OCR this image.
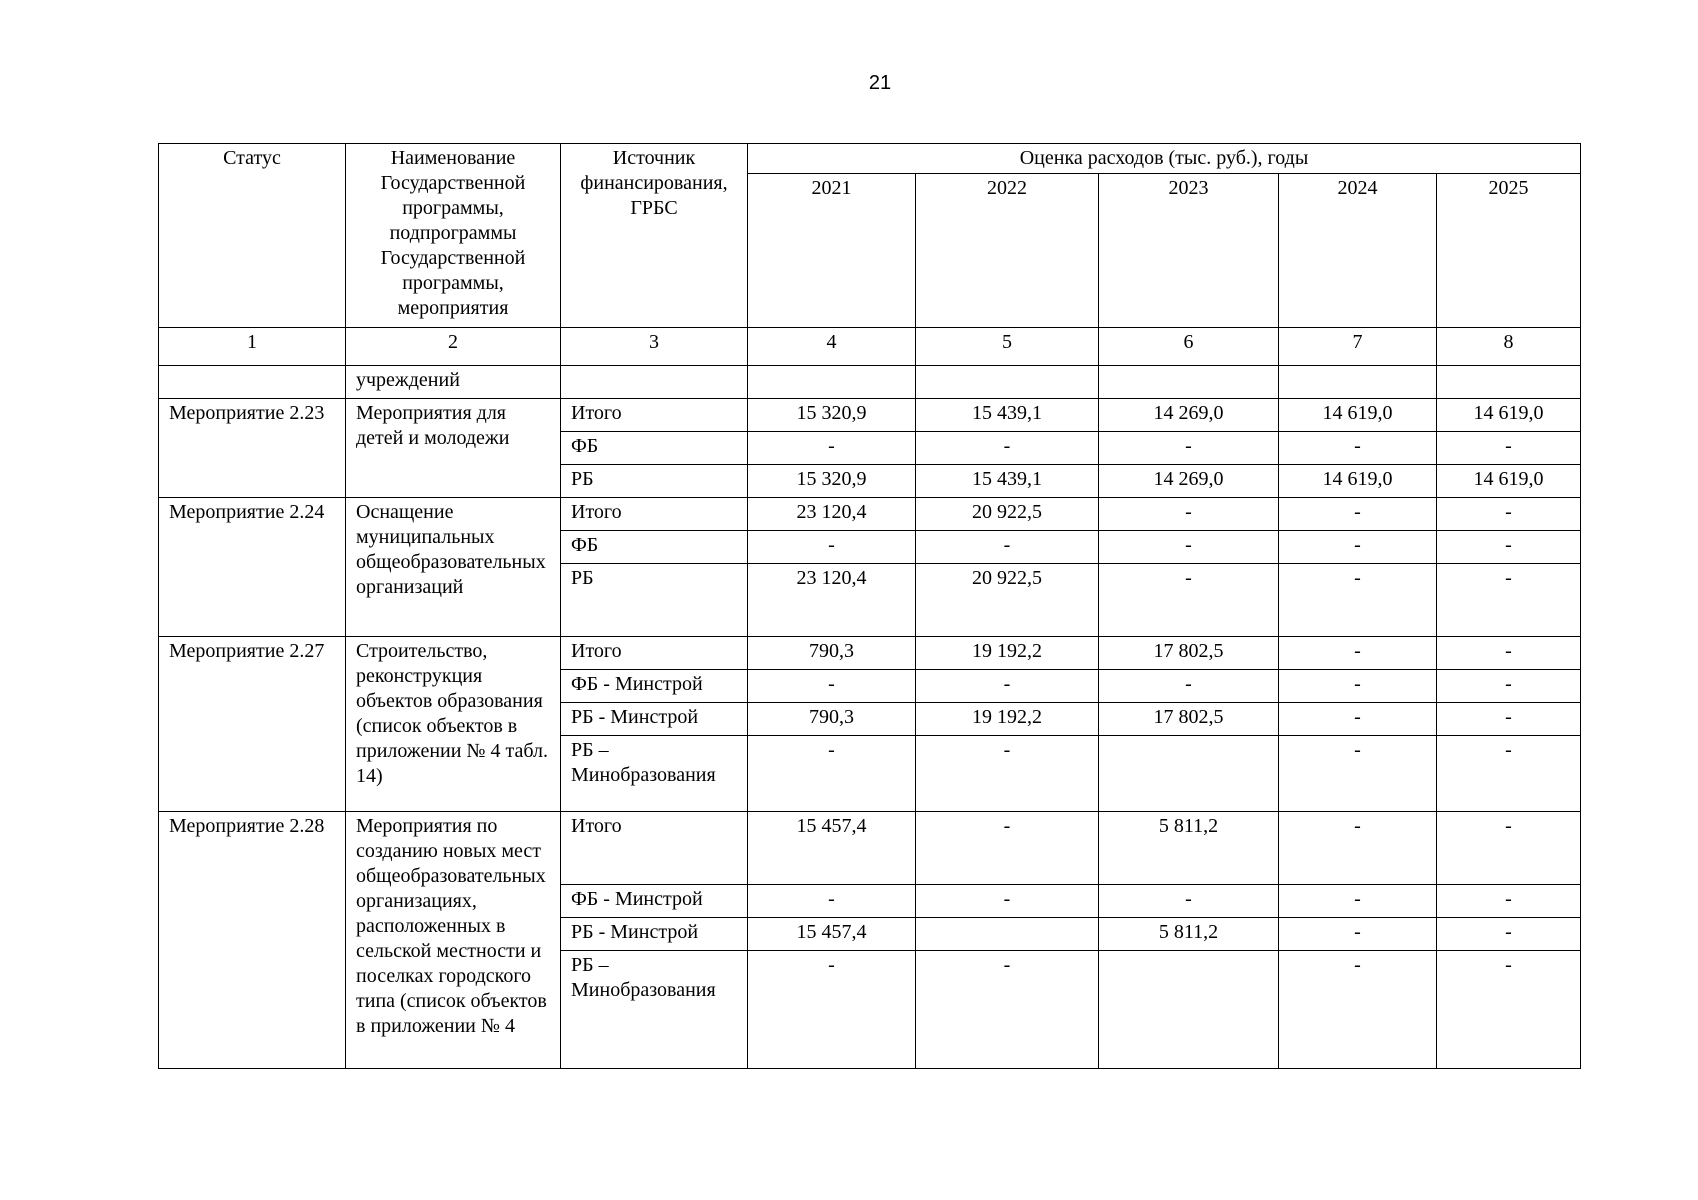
21
Статус	Наименование Государственной программы, подпрограммы Государственной программы, мероприятия	Источник финансирования, ГРБС	Оценка расходов (тыс. руб.), годы				
			2021	2022	2023	2024	2025
1	2	3	4	5	6	7	8
	учреждений						
Мероприятие 2.23	Мероприятия для детей и молодежи	Итого	15 320,9	15 439,1	14 269,0	14 619,0	14 619,0
		ФБ	-	-	-	-	-
		РБ	15 320,9	15 439,1	14 269,0	14 619,0	14 619,0
Мероприятие 2.24	Оснащение муниципальных общеобразовательных организаций	Итого	23 120,4	20 922,5	-	-	-
		ФБ	-	-	-	-	-
		РБ	23 120,4	20 922,5	-	-	-
Мероприятие 2.27	Строительство, реконструкция объектов образования (список объектов в приложении № 4 табл. 14)	Итого	790,3	19 192,2	17 802,5	-	-
		ФБ - Минстрой	-	-	-	-	-
		РБ - Минстрой	790,3	19 192,2	17 802,5	-	-
		РБ – Минобразования	-	-		-	-
Мероприятие 2.28	Мероприятия по созданию новых мест общеобразовательных организациях, расположенных в сельской местности и поселках городского типа (список объектов в приложении № 4	Итого	15 457,4	-	5 811,2	-	-
		ФБ - Минстрой	-	-	-	-	-
		РБ - Минстрой	15 457,4		5 811,2	-	-
		РБ – Минобразования	-	-		-	-
